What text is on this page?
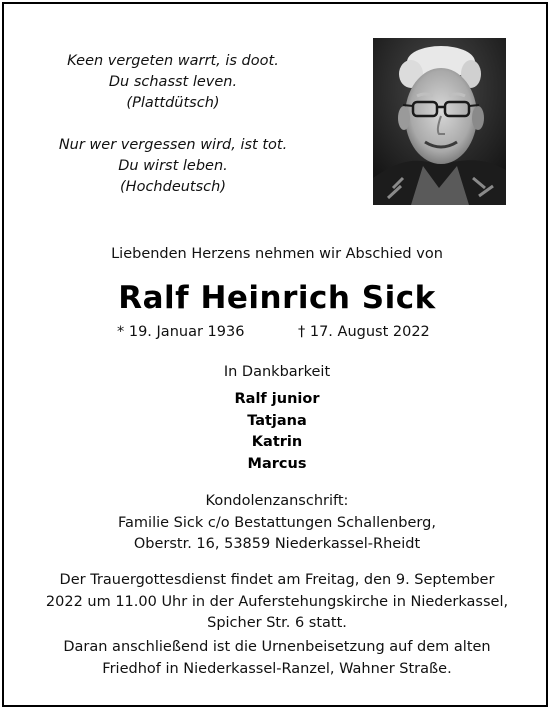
Keen vergeten warrt, is doot.
Du schasst leven.
(Plattdütsch)
Nur wer vergessen wird, ist tot.
Du wirst leben.
(Hochdeutsch)
Liebenden Herzens nehmen wir Abschied von
Ralf Heinrich Sick
* 19. Januar 1936	† 17. August 2022
In Dankbarkeit
Ralf junior
Tatjana
Katrin
Marcus
Kondolenzanschrift:
Familie Sick c/o Bestattungen Schallenberg,
Oberstr. 16, 53859 Niederkassel-Rheidt
Der Trauergottesdienst findet am Freitag, den 9. September
2022 um 11.00 Uhr in der Auferstehungskirche in Niederkassel,
Spicher Str. 6 statt.
Daran anschließend ist die Urnenbeisetzung auf dem alten
Friedhof in Niederkassel-Ranzel, Wahner Straße.
